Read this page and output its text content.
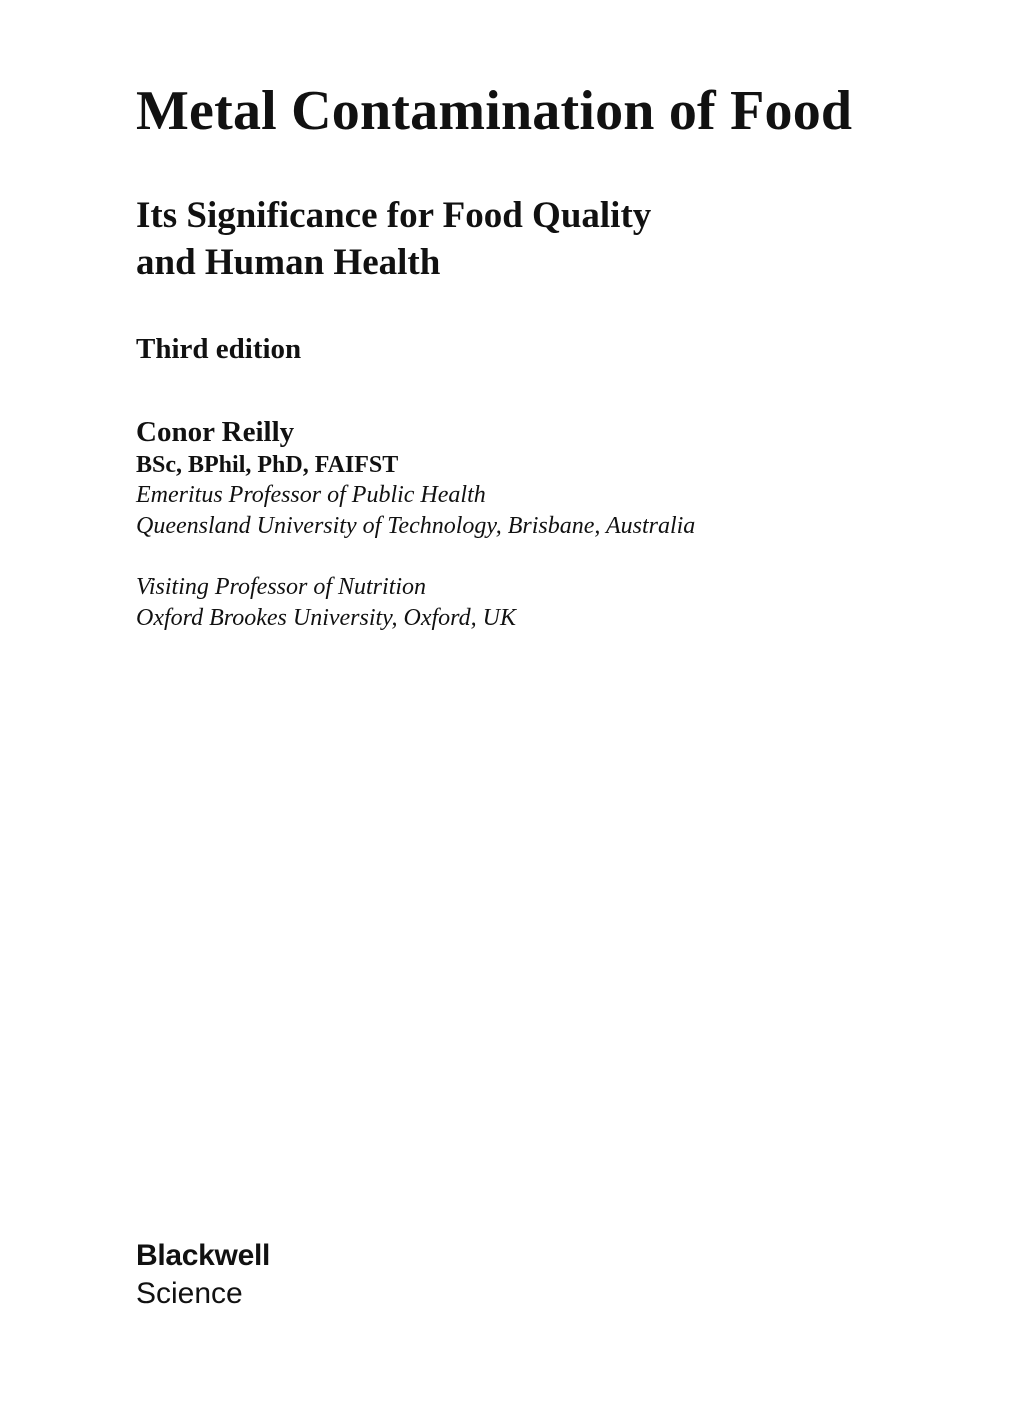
Metal Contamination of Food
Its Significance for Food Quality
and Human Health
Third edition
Conor Reilly
BSc, BPhil, PhD, FAIFST
Emeritus Professor of Public Health
Queensland University of Technology, Brisbane, Australia
Visiting Professor of Nutrition
Oxford Brookes University, Oxford, UK
Blackwell
Science
